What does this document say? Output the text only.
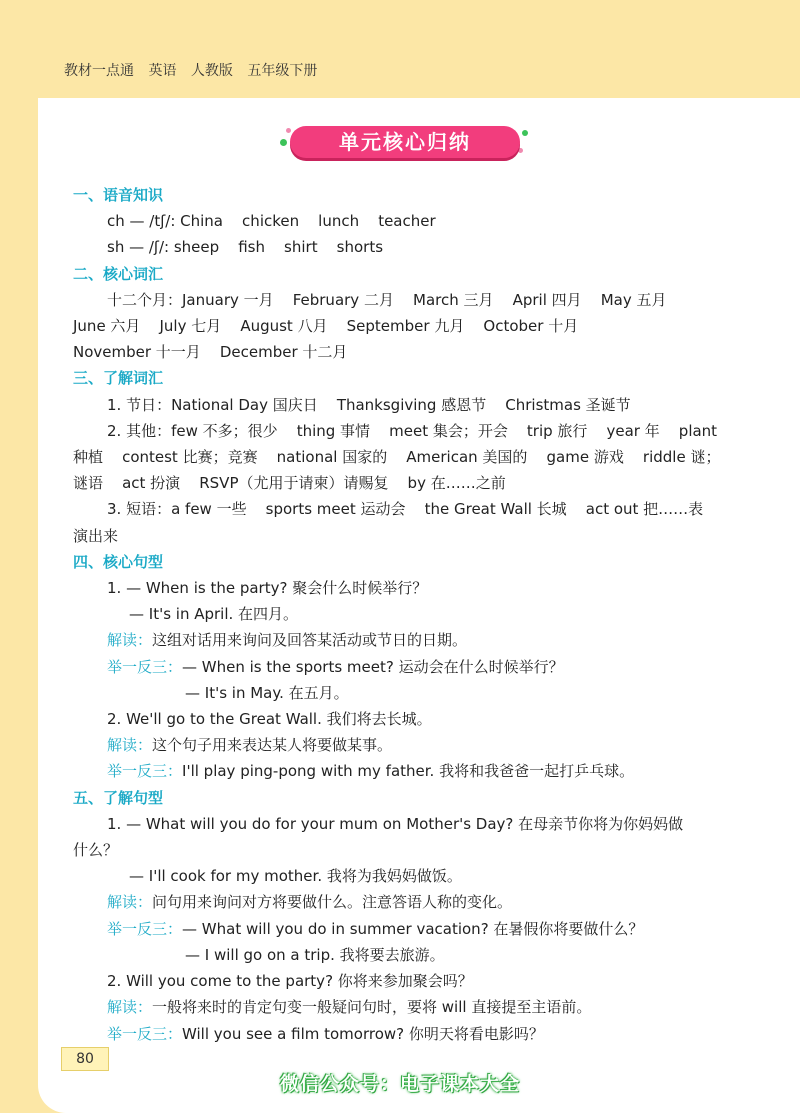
教材一点通 英语 人教版 五年级下册
单元核心归纳
一、语音知识
ch — /tʃ/: China    chicken    lunch    teacher
sh — /ʃ/: sheep    fish    shirt    shorts
二、核心词汇
十二个月：January 一月    February 二月    March 三月    April 四月    May 五月
June 六月    July 七月    August 八月    September 九月    October 十月
November 十一月    December 十二月
三、了解词汇
1. 节日：National Day 国庆日    Thanksgiving 感恩节    Christmas 圣诞节
2. 其他：few 不多；很少    thing 事情    meet 集会；开会    trip 旅行    year 年    plant
种植    contest 比赛；竞赛    national 国家的    American 美国的    game 游戏    riddle 谜；
谜语    act 扮演    RSVP（尤用于请柬）请赐复    by 在……之前
3. 短语：a few 一些    sports meet 运动会    the Great Wall 长城    act out 把……表
演出来
四、核心句型
1. — When is the party? 聚会什么时候举行？
— It's in April. 在四月。
解读：这组对话用来询问及回答某活动或节日的日期。
举一反三：— When is the sports meet? 运动会在什么时候举行？
— It's in May. 在五月。
2. We'll go to the Great Wall. 我们将去长城。
解读：这个句子用来表达某人将要做某事。
举一反三：I'll play ping-pong with my father. 我将和我爸爸一起打乒乓球。
五、了解句型
1. — What will you do for your mum on Mother's Day? 在母亲节你将为你妈妈做
什么？
— I'll cook for my mother. 我将为我妈妈做饭。
解读：问句用来询问对方将要做什么。注意答语人称的变化。
举一反三：— What will you do in summer vacation? 在暑假你将要做什么？
— I will go on a trip. 我将要去旅游。
2. Will you come to the party? 你将来参加聚会吗？
解读：一般将来时的肯定句变一般疑问句时，要将 will 直接提至主语前。
举一反三：Will you see a film tomorrow? 你明天将看电影吗？
80
微信公众号：电子课本大全
